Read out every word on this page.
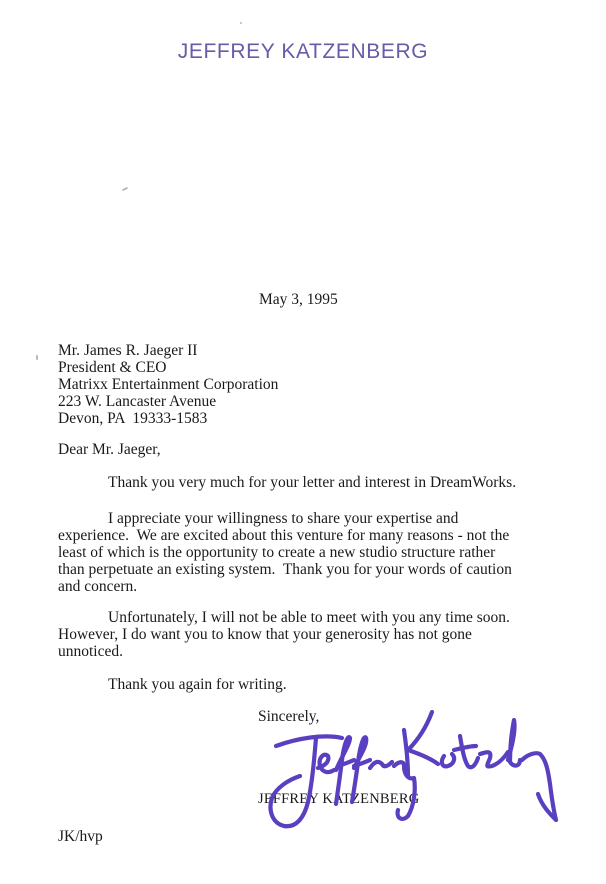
JEFFREY KATZENBERG
May 3, 1995
Mr. James R. Jaeger II
President & CEO
Matrixx Entertainment Corporation
223 W. Lancaster Avenue
Devon, PA  19333-1583
Dear Mr. Jaeger,
Thank you very much for your letter and interest in DreamWorks.
I appreciate your willingness to share your expertise and
experience.  We are excited about this venture for many reasons - not the
least of which is the opportunity to create a new studio structure rather
than perpetuate an existing system.  Thank you for your words of caution
and concern.
Unfortunately, I will not be able to meet with you any time soon.
However, I do want you to know that your generosity has not gone
unnoticed.
Thank you again for writing.
Sincerely,
JEFFREY KATZENBERG
JK/hvp
